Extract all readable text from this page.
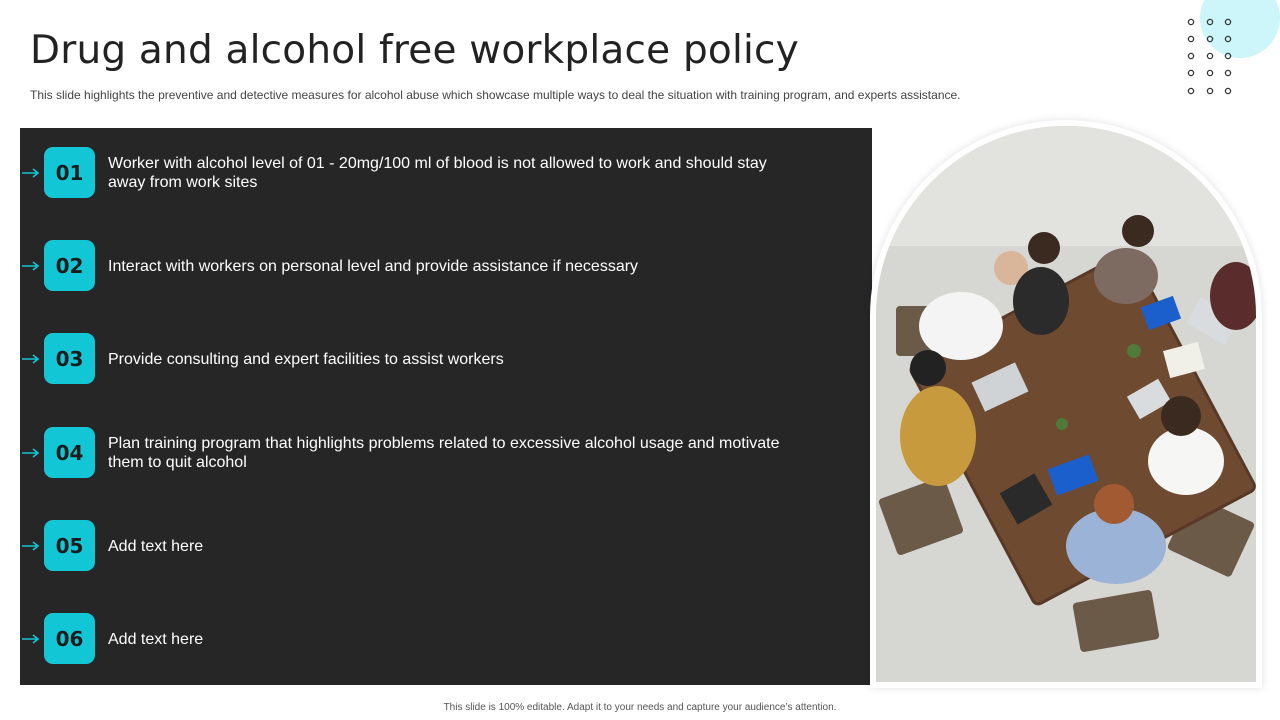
Drug and alcohol free workplace policy
This slide highlights the preventive and detective measures for alcohol abuse which showcase multiple ways to deal the situation with training program, and experts assistance.
01	Worker with alcohol level of 01 - 20mg/100 ml of blood is not allowed to work and should stay away from work sites
02	Interact with workers on personal level and provide assistance if necessary
03	Provide consulting and expert facilities to assist workers
04	Plan training program that highlights problems related to excessive alcohol usage and motivate them to quit alcohol
05	Add text here
06	Add text here
This slide is 100% editable. Adapt it to your needs and capture your audience’s attention.
